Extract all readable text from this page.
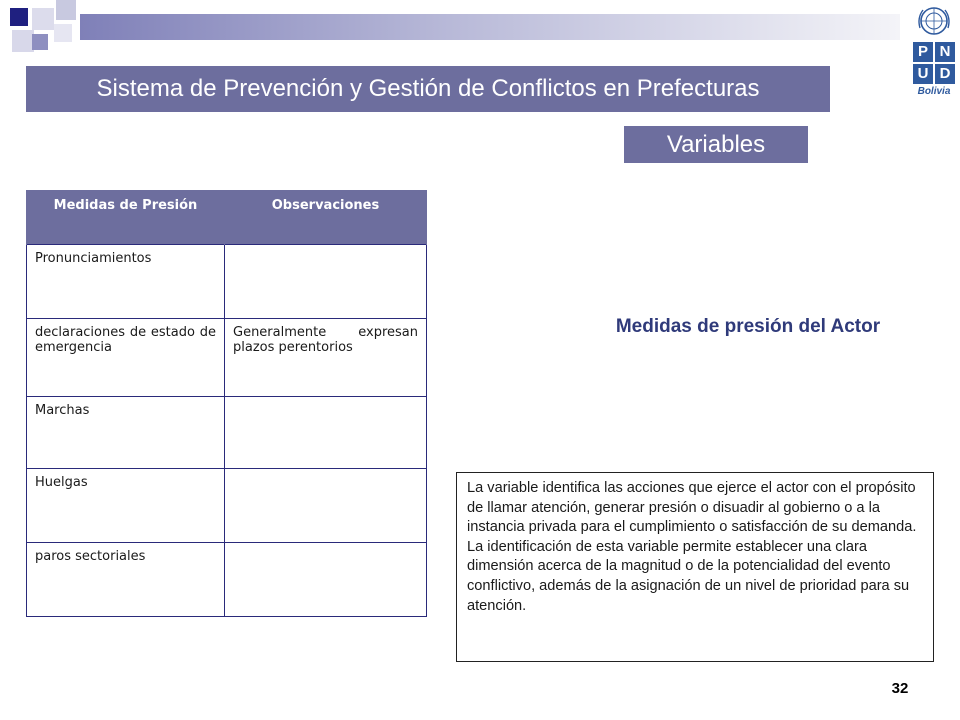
Sistema de Prevención y Gestión de Conflictos en Prefecturas
P N
U D
Bolivia
Variables
Medidas de Presión	Observaciones
Pronunciamientos	
declaraciones de estado de emergencia	Generalmente expresan plazos perentorios
Marchas	
Huelgas	
paros sectoriales	
Medidas de presión del Actor
La variable identifica las acciones que ejerce el actor con el propósito de llamar atención, generar presión o disuadir al gobierno o a la instancia privada para el cumplimiento o satisfacción de su demanda. La identificación de esta variable permite establecer una clara dimensión acerca de la magnitud o de la potencialidad del evento conflictivo, además de la asignación de un nivel de prioridad para su atención.
32
